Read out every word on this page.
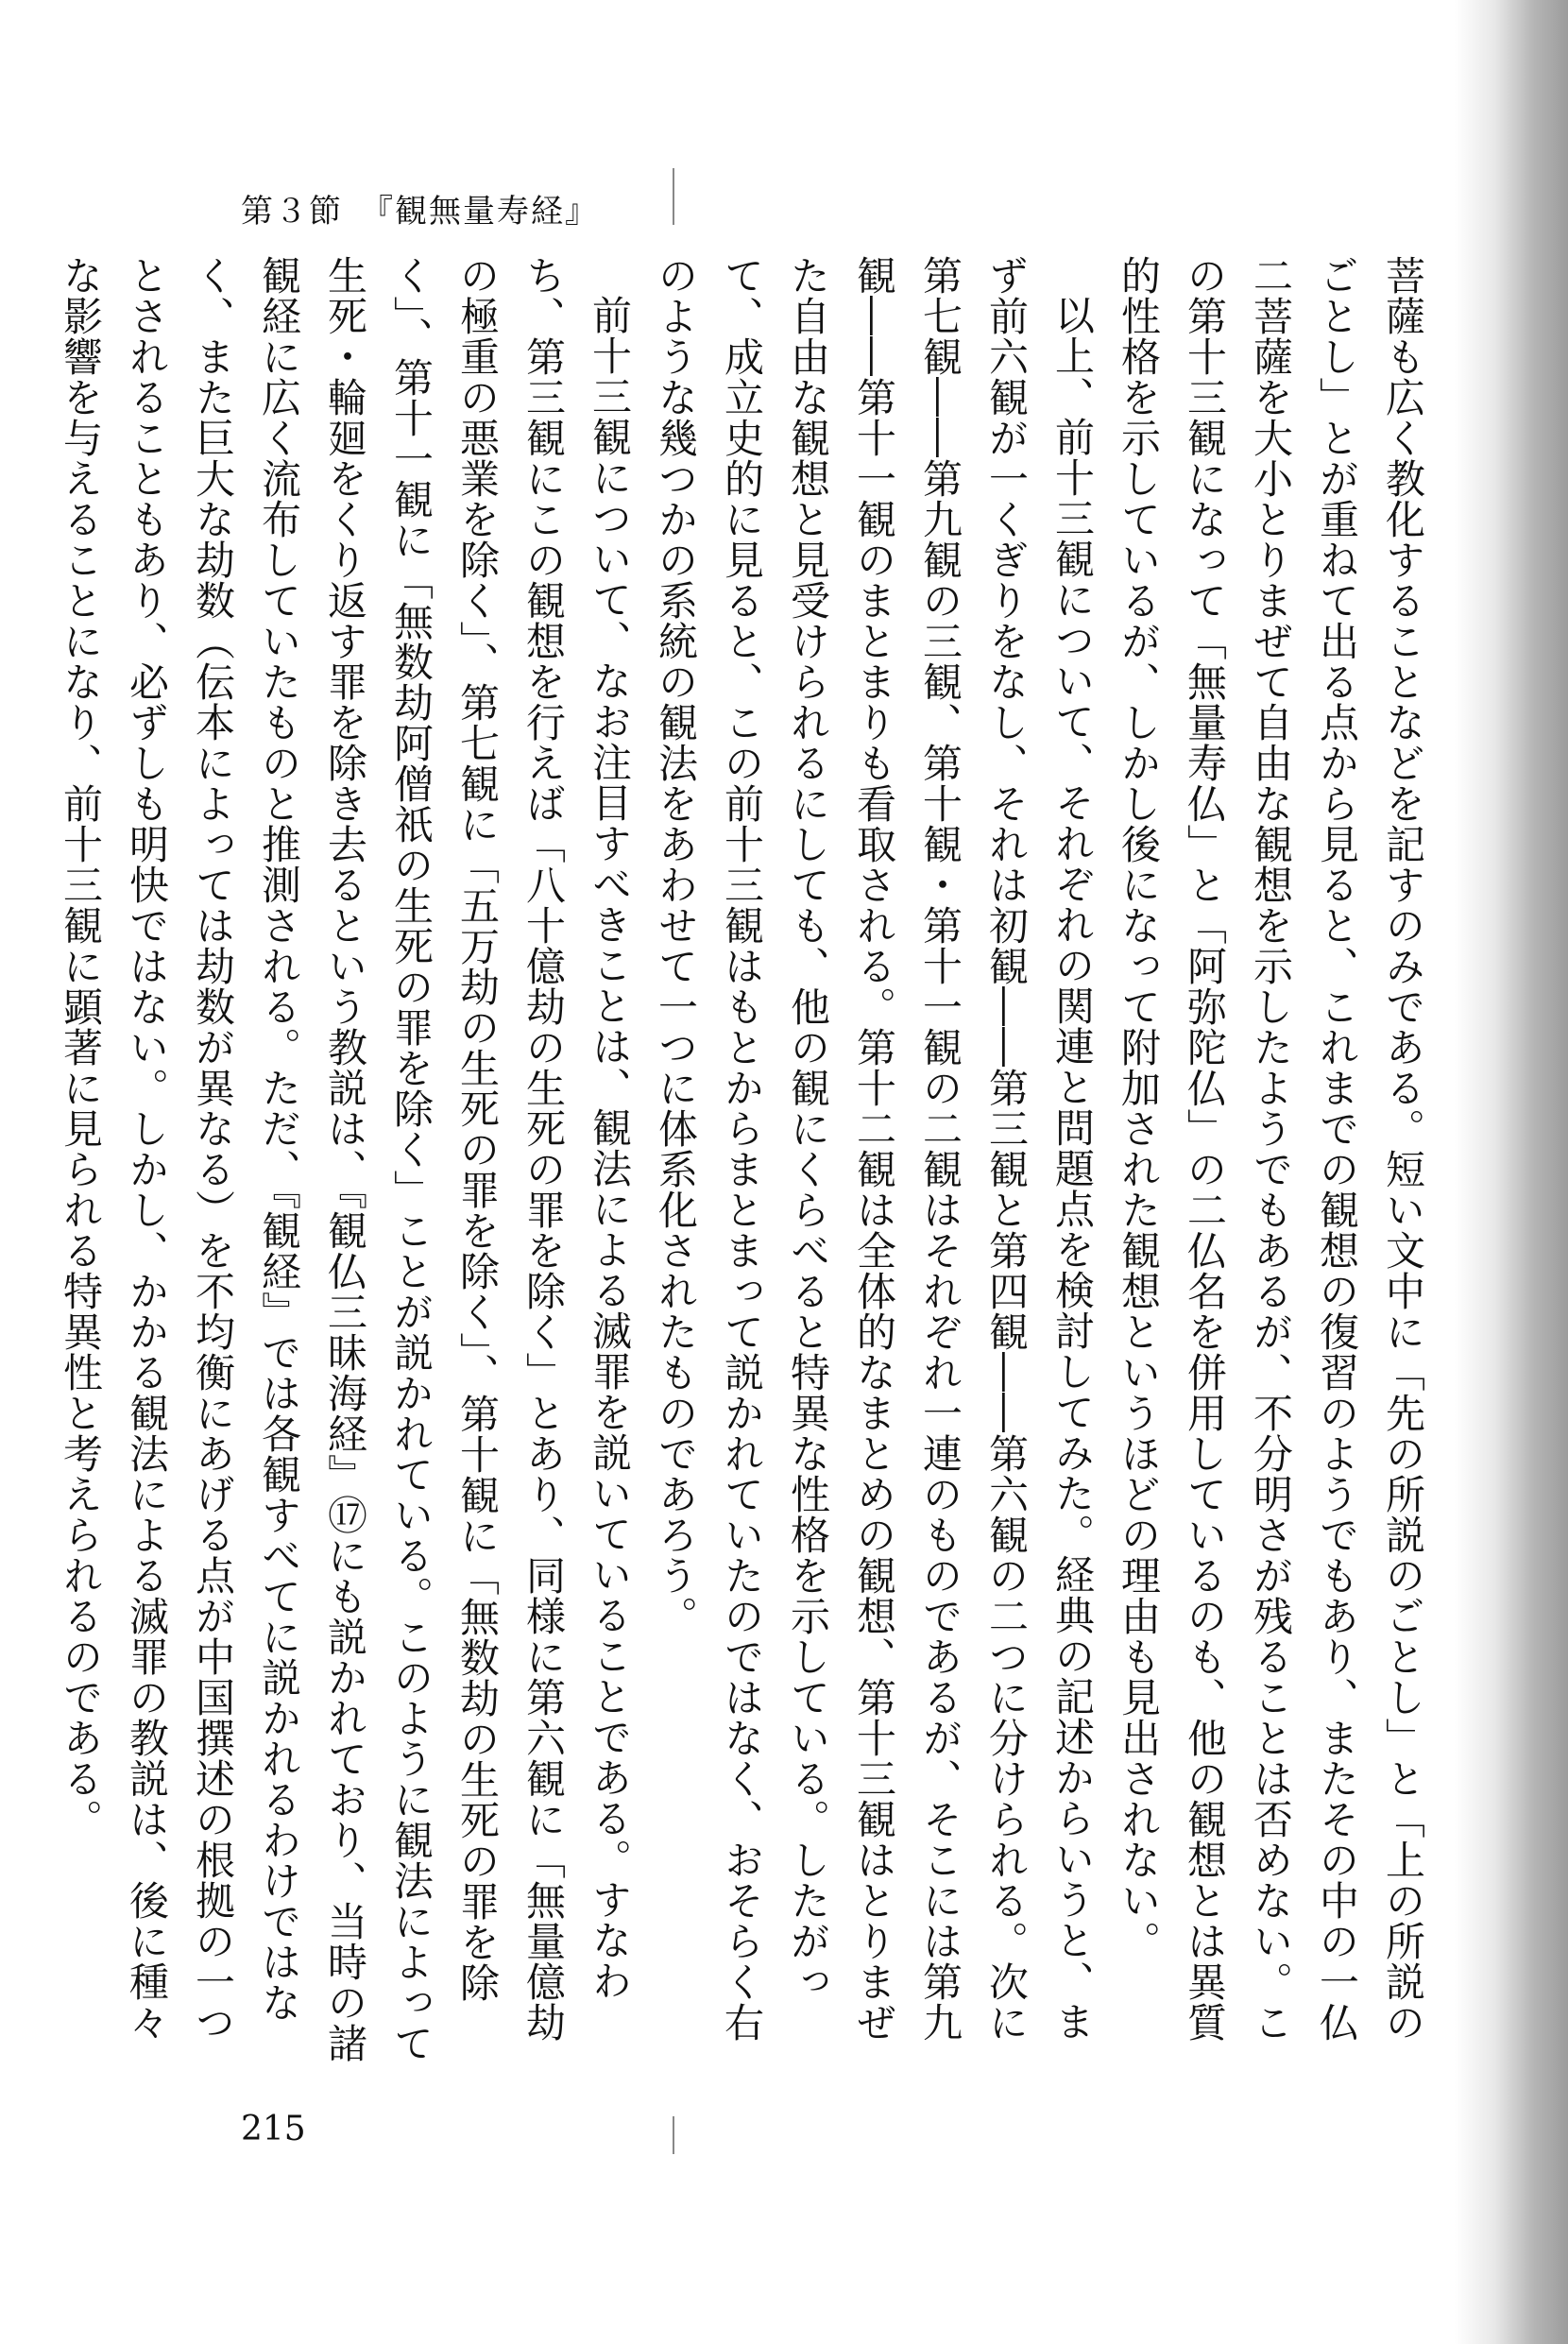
第３節　『観無量寿経』

菩薩も広く教化することなどを記すのみである。短い文中に「先の所説のごとし」と「上の所説のごとし」とが重ねて出る点から見ると、これまでの観想の復習のようでもあり、またその中の一仏二菩薩を大小とりまぜて自由な観想を示したようでもあるが、不分明さが残ることは否めない。この第十三観になって「無量寿仏」と「阿弥陀仏」の二仏名を併用しているのも、他の観想とは異質的性格を示しているが、しかし後になって附加された観想というほどの理由も見出されない。

以上、前十三観について、それぞれの関連と問題点を検討してみた。経典の記述からいうと、まず前六観が一くぎりをなし、それは初観――第三観と第四観――第六観の二つに分けられる。次に第七観――第九観の三観、第十観・第十一観の二観はそれぞれ一連のものであるが、そこには第九観――第十一観のまとまりも看取される。第十二観は全体的なまとめの観想、第十三観はとりまぜた自由な観想と見受けられるにしても、他の観にくらべると特異な性格を示している。したがって、成立史的に見ると、この前十三観はもとからまとまって説かれていたのではなく、おそらく右のような幾つかの系統の観法をあわせて一つに体系化されたものであろう。

前十三観について、なお注目すべきことは、観法による滅罪を説いていることである。すなわち、第三観にこの観想を行えば「八十億劫の生死の罪を除く」とあり、同様に第六観に「無量億劫の極重の悪業を除く」、第七観に「五万劫の生死の罪を除く」、第十観に「無数劫の生死の罪を除く」、第十一観に「無数劫阿僧祇の生死の罪を除く」ことが説かれている。このように観法によって生死・輪廻をくり返す罪を除き去るという教説は、『観仏三昧海経』⑰にも説かれており、当時の諸観経に広く流布していたものと推測される。ただ、『観経』では各観すべてに説かれるわけではなく、また巨大な劫数（伝本によっては劫数が異なる）を不均衡にあげる点が中国撰述の根拠の一つとされることもあり、必ずしも明快ではない。しかし、かかる観法による滅罪の教説は、後に種々な影響を与えることになり、前十三観に顕著に見られる特異性と考えられるのである。

215
